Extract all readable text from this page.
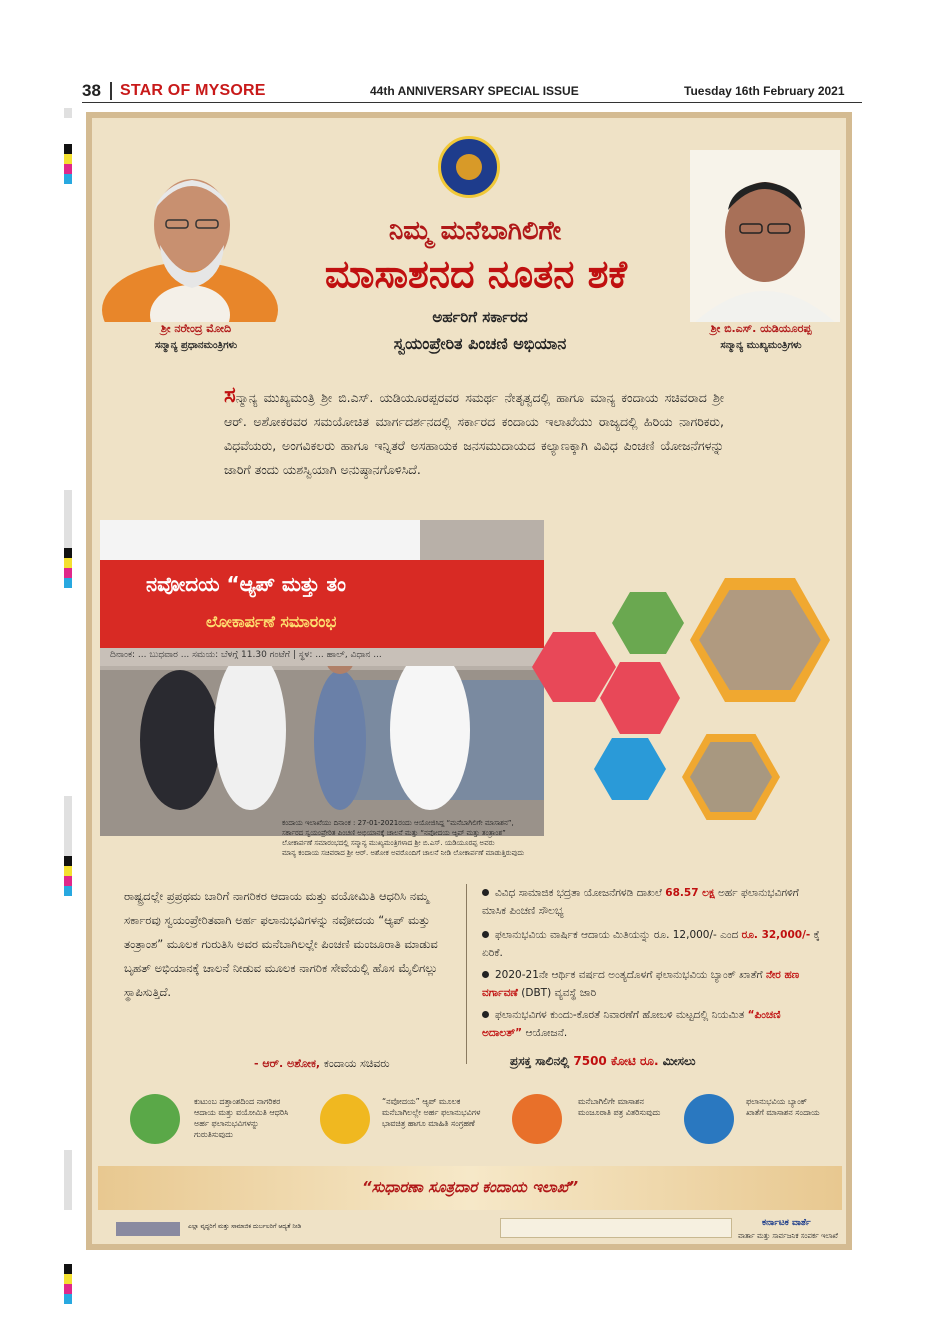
38 STAR OF MYSORE	44th ANNIVERSARY SPECIAL ISSUE	Tuesday 16th February 2021
ಶ್ರೀ ನರೇಂದ್ರ ಮೋದಿ
ಸನ್ಮಾನ್ಯ ಪ್ರಧಾನಮಂತ್ರಿಗಳು
ಶ್ರೀ ಬಿ.ಎಸ್. ಯಡಿಯೂರಪ್ಪ
ಸನ್ಮಾನ್ಯ ಮುಖ್ಯಮಂತ್ರಿಗಳು
ನಿಮ್ಮ ಮನೆಬಾಗಿಲಿಗೇ
ಮಾಸಾಶನದ ನೂತನ ಶಕೆ
ಅರ್ಹರಿಗೆ ಸರ್ಕಾರದ
ಸ್ವಯಂಪ್ರೇರಿತ ಪಿಂಚಣಿ ಅಭಿಯಾನ
ಸನ್ಮಾನ್ಯ ಮುಖ್ಯಮಂತ್ರಿ ಶ್ರೀ ಬಿ.ಎಸ್. ಯಡಿಯೂರಪ್ಪರವರ ಸಮರ್ಥ ನೇತೃತ್ವದಲ್ಲಿ ಹಾಗೂ ಮಾನ್ಯ ಕಂದಾಯ ಸಚಿವರಾದ ಶ್ರೀ ಆರ್. ಅಶೋಕರವರ ಸಮಯೋಚಿತ ಮಾರ್ಗದರ್ಶನದಲ್ಲಿ ಸರ್ಕಾರದ ಕಂದಾಯ ಇಲಾಖೆಯು ರಾಜ್ಯದಲ್ಲಿ ಹಿರಿಯ ನಾಗರಿಕರು, ವಿಧವೆಯರು, ಅಂಗವಿಕಲರು ಹಾಗೂ ಇನ್ನಿತರೆ ಅಸಹಾಯಕ ಜನಸಮುದಾಯದ ಕಲ್ಯಾಣಕ್ಕಾಗಿ ವಿವಿಧ ಪಿಂಚಣಿ ಯೋಜನೆಗಳನ್ನು ಜಾರಿಗೆ ತಂದು ಯಶಸ್ವಿಯಾಗಿ ಅನುಷ್ಠಾನಗೊಳಿಸಿದೆ.
ನವೋದಯ “ಆ್ಯಪ್ ಮತ್ತು ತಂ
ಲೋಕಾರ್ಪಣೆ ಸಮಾರಂಭ
ದಿನಾಂಕ: ... ಬುಧವಾರ ... ಸಮಯ: ಬೆಳಗ್ಗೆ 11.30 ಗಂಟೆಗೆ | ಸ್ಥಳ: ... ಹಾಲ್, ವಿಧಾನ ...
ಕಂದಾಯ ಇಲಾಖೆಯು ದಿನಾಂಕ : 27-01-2021ರಂದು ಆಯೋಜಿಸಿದ್ದ “ಮನೆಬಾಗಿಲಿಗೇ ಮಾಸಾಶನ”,
ಸರ್ಕಾರದ ಸ್ವಯಂಪ್ರೇರಿತ ಪಿಂಚಣಿ ಅಭಿಯಾನಕ್ಕೆ ಚಾಲನೆ ಮತ್ತು “ನವೋದಯ ಆ್ಯಪ್ ಮತ್ತು ತಂತ್ರಾಂಶ”
ಲೋಕಾರ್ಪಣೆ ಸಮಾರಂಭದಲ್ಲಿ ಸನ್ಮಾನ್ಯ ಮುಖ್ಯಮಂತ್ರಿಗಳಾದ ಶ್ರೀ ಬಿ.ಎಸ್. ಯಡಿಯೂರಪ್ಪ ಅವರು
ಮಾನ್ಯ ಕಂದಾಯ ಸಚಿವರಾದ ಶ್ರೀ ಆರ್. ಅಶೋಕ ಅವರೊಂದಿಗೆ ಚಾಲನೆ ನೀಡಿ ಲೋಕಾರ್ಪಣೆ ಮಾಡುತ್ತಿರುವುದು
ರಾಷ್ಟ್ರದಲ್ಲೇ ಪ್ರಪ್ರಥಮ ಬಾರಿಗೆ ನಾಗರಿಕರ ಆದಾಯ ಮತ್ತು ವಯೋಮಿತಿ ಆಧರಿಸಿ ನಮ್ಮ ಸರ್ಕಾರವು ಸ್ವಯಂಪ್ರೇರಿತವಾಗಿ ಅರ್ಹ ಫಲಾನುಭವಿಗಳನ್ನು ನವೋದಯ “ಆ್ಯಪ್ ಮತ್ತು ತಂತ್ರಾಂಶ” ಮೂಲಕ ಗುರುತಿಸಿ ಅವರ ಮನೆಬಾಗಿಲಲ್ಲೇ ಪಿಂಚಣಿ ಮಂಜೂರಾತಿ ಮಾಡುವ ಬೃಹತ್ ಅಭಿಯಾನಕ್ಕೆ ಚಾಲನೆ ನೀಡುವ ಮೂಲಕ ನಾಗರಿಕ ಸೇವೆಯಲ್ಲಿ ಹೊಸ ಮೈಲಿಗಲ್ಲು ಸ್ಥಾಪಿಸುತ್ತಿದೆ.
- ಆರ್. ಅಶೋಕ, ಕಂದಾಯ ಸಚಿವರು
ವಿವಿಧ ಸಾಮಾಜಿಕ ಭದ್ರತಾ ಯೋಜನೆಗಳಡಿ ದಾಖಲೆ 68.57 ಲಕ್ಷ ಅರ್ಹ ಫಲಾನುಭವಿಗಳಿಗೆ ಮಾಸಿಕ ಪಿಂಚಣಿ ಸೌಲಭ್ಯ
ಫಲಾನುಭವಿಯ ವಾರ್ಷಿಕ ಆದಾಯ ಮಿತಿಯನ್ನು ರೂ. 12,000/- ಎಂದ ರೂ. 32,000/- ಕ್ಕೆ ಏರಿಕೆ.
2020-21ನೇ ಆರ್ಥಿಕ ವರ್ಷದ ಅಂತ್ಯದೊಳಗೆ ಫಲಾನುಭವಿಯ ಬ್ಯಾಂಕ್ ಖಾತೆಗೆ ನೇರ ಹಣ ವರ್ಗಾವಣೆ (DBT) ವ್ಯವಸ್ಥೆ ಜಾರಿ
ಫಲಾನುಭವಿಗಳ ಕುಂದು-ಕೊರತೆ ನಿವಾರಣೆಗೆ ಹೋಬಳಿ ಮಟ್ಟದಲ್ಲಿ ನಿಯಮಿತ “ಪಿಂಚಣಿ ಅದಾಲತ್” ಆಯೋಜನೆ.
ಪ್ರಸಕ್ತ ಸಾಲಿನಲ್ಲಿ 7500 ಕೋಟಿ ರೂ. ಮೀಸಲು
ಕುಟುಂಬ ದತ್ತಾಂಶದಿಂದ ನಾಗರಿಕರ ಆದಾಯ ಮತ್ತು ವಯೋಮಿತಿ ಆಧರಿಸಿ ಅರ್ಹ ಫಲಾನುಭವಿಗಳನ್ನು ಗುರುತಿಸುವುದು
“ನವೋದಯ” ಆ್ಯಪ್ ಮೂಲಕ ಮನೆಬಾಗಿಲಲ್ಲೇ ಅರ್ಹ ಫಲಾನುಭವಿಗಳ ಭಾವಚಿತ್ರ ಹಾಗೂ ಮಾಹಿತಿ ಸಂಗ್ರಹಣೆ
ಮನೆಬಾಗಿಲಿಗೇ ಮಾಸಾಶನ ಮಂಜೂರಾತಿ ಪತ್ರ ವಿತರಿಸುವುದು
ಫಲಾನುಭವಿಯ ಬ್ಯಾಂಕ್ ಖಾತೆಗೆ ಮಾಸಾಶನ ಸಂದಾಯ
“ಸುಧಾರಣಾ ಸೂತ್ರದಾರ ಕಂದಾಯ ಇಲಾಖೆ”
ಎಲ್ಲಾ ವೃದ್ಧರಿಗೆ ಮತ್ತು ಸಾಮಾಜಿಕ ದುರ್ಬಲರಿಗೆ ಆದ್ಯತೆ ನೀಡಿ	ಕರ್ನಾಟಕ ವಾರ್ತೆ
ವಾರ್ತಾ ಮತ್ತು ಸಾರ್ವಜನಿಕ ಸಂಪರ್ಕ ಇಲಾಖೆ
